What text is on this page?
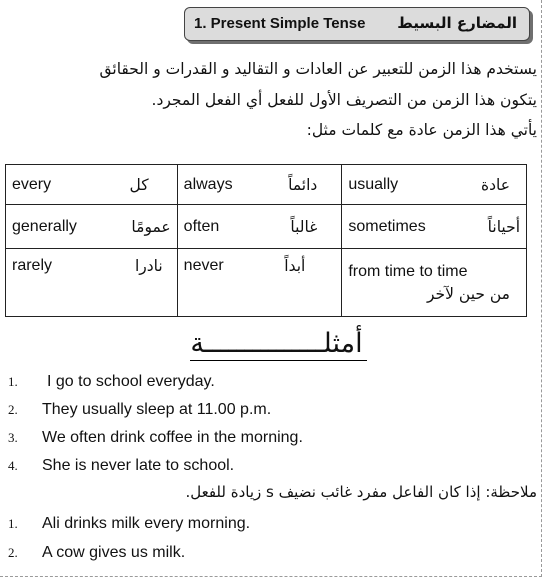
1. Present Simple Tense المضارع البسيط
يستخدم هذا الزمن للتعبير عن العادات و التقاليد و القدرات و الحقائق
يتكون هذا الزمن من التصريف الأول للفعل أي الفعل المجرد.
يأتي هذا الزمن عادة مع كلمات مثل:
every كل	always دائماً	usually عادة

generally عمومًا	often غالباً	sometimes أحياناً

rarely نادرا	never أبداً	from time to time
من حين لآخر
أمثلـــــــــــــــة
1.	I go to school everyday.
2.	They usually sleep at 11.00 p.m.
3.	We often drink coffee in the morning.
4.	She is never late to school.
ملاحظة: إذا كان الفاعل مفرد غائب نضيف s زيادة للفعل.
1.	Ali drinks milk every morning.
2.	A cow gives us milk.
